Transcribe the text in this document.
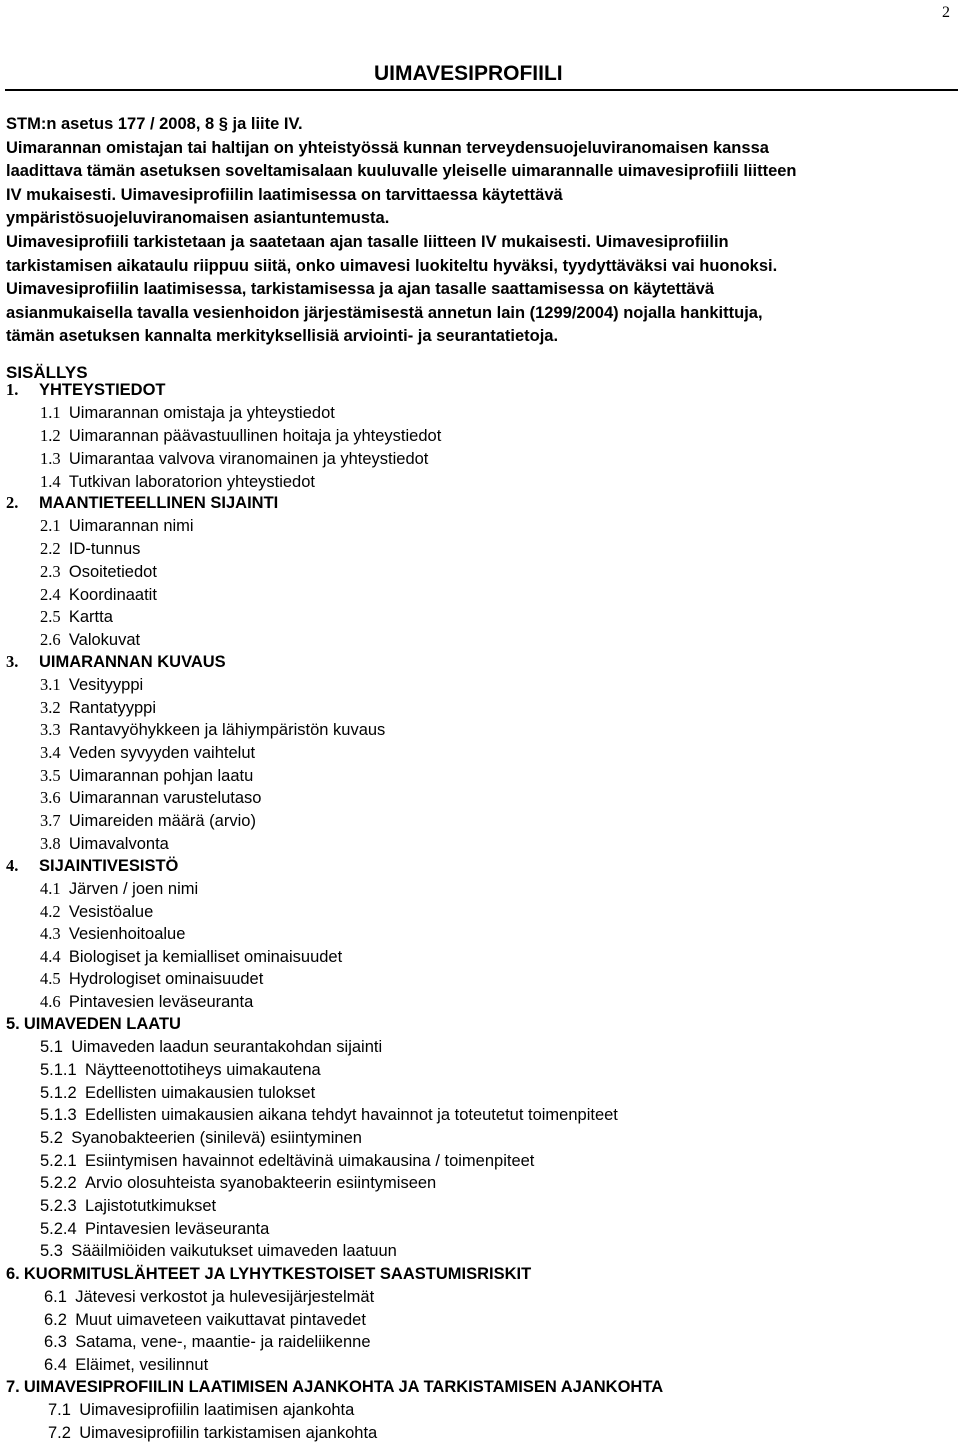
2
UIMAVESIPROFIILI

STM:n asetus 177 / 2008, 8 § ja liite IV.

Uimarannan omistajan tai haltijan on yhteistyössä kunnan terveydensuojeluviranomaisen kanssa

laadittava tämän asetuksen soveltamisalaan kuuluvalle yleiselle uimarannalle uimavesiprofiili liitteen

IV mukaisesti. Uimavesiprofiilin laatimisessa on tarvittaessa käytettävä

ympäristösuojeluviranomaisen asiantuntemusta.

Uimavesiprofiili tarkistetaan ja saatetaan ajan tasalle liitteen IV mukaisesti. Uimavesiprofiilin

tarkistamisen aikataulu riippuu siitä, onko uimavesi luokiteltu hyväksi, tyydyttäväksi vai huonoksi.

Uimavesiprofiilin laatimisessa, tarkistamisessa ja ajan tasalle saattamisessa on käytettävä

asianmukaisella tavalla vesienhoidon järjestämisestä annetun lain (1299/2004) nojalla hankittuja,

tämän asetuksen kannalta merkityksellisiä arviointi- ja seurantatietoja.

SISÄLLYS
1. YHTEYSTIEDOT
1.1 Uimarannan omistaja ja yhteystiedot
1.2 Uimarannan päävastuullinen hoitaja ja yhteystiedot
1.3 Uimarantaa valvova viranomainen ja yhteystiedot
1.4 Tutkivan laboratorion yhteystiedot
2. MAANTIETEELLINEN SIJAINTI
2.1 Uimarannan nimi
2.2 ID-tunnus
2.3 Osoitetiedot
2.4 Koordinaatit
2.5 Kartta
2.6 Valokuvat
3. UIMARANNAN KUVAUS
3.1 Vesityyppi
3.2 Rantatyyppi
3.3 Rantavyöhykkeen ja lähiympäristön kuvaus
3.4 Veden syvyyden vaihtelut
3.5 Uimarannan pohjan laatu
3.6 Uimarannan varustelutaso
3.7 Uimareiden määrä (arvio)
3.8 Uimavalvonta
4. SIJAINTIVESISTÖ
4.1 Järven / joen nimi
4.2 Vesistöalue
4.3 Vesienhoitoalue
4.4 Biologiset ja kemialliset ominaisuudet
4.5 Hydrologiset ominaisuudet
4.6 Pintavesien leväseuranta
5. UIMAVEDEN LAATU
5.1 Uimaveden laadun seurantakohdan sijainti
5.1.1 Näytteenottotiheys uimakautena
5.1.2 Edellisten uimakausien tulokset
5.1.3 Edellisten uimakausien aikana tehdyt havainnot ja toteutetut toimenpiteet
5.2 Syanobakteerien (sinilevä) esiintyminen
5.2.1 Esiintymisen havainnot edeltävinä uimakausina / toimenpiteet
5.2.2 Arvio olosuhteista syanobakteerin esiintymiseen
5.2.3 Lajistotutkimukset
5.2.4 Pintavesien leväseuranta
5.3 Sääilmiöiden vaikutukset uimaveden laatuun
6. KUORMITUSLÄHTEET JA LYHYTKESTOISET SAASTUMISRISKIT
6.1 Jätevesi verkostot ja hulevesijärjestelmät
6.2 Muut uimaveteen vaikuttavat pintavedet
6.3 Satama, vene-, maantie- ja raideliikenne
6.4 Eläimet, vesilinnut
7. UIMAVESIPROFIILIN LAATIMISEN AJANKOHTA JA TARKISTAMISEN AJANKOHTA
7.1 Uimavesiprofiilin laatimisen ajankohta
7.2 Uimavesiprofiilin tarkistamisen ajankohta
